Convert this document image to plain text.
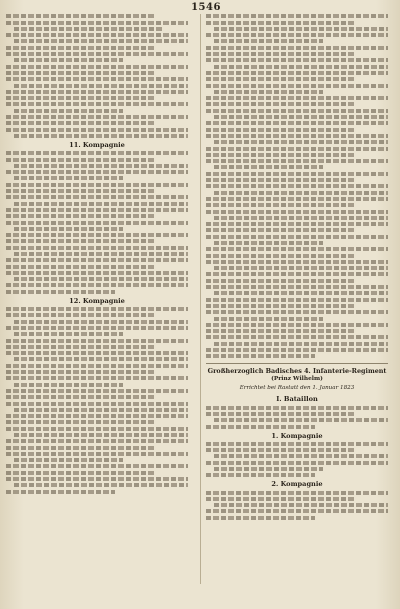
1546
11. Kompagnie
12. Kompagnie
Großherzoglich Badisches 4. Infanterie-Regiment
(Prinz Wilhelm)
Errichtet bei Rastatt den 1. Januar 1823
I. Bataillon
1. Kompagnie
2. Kompagnie
